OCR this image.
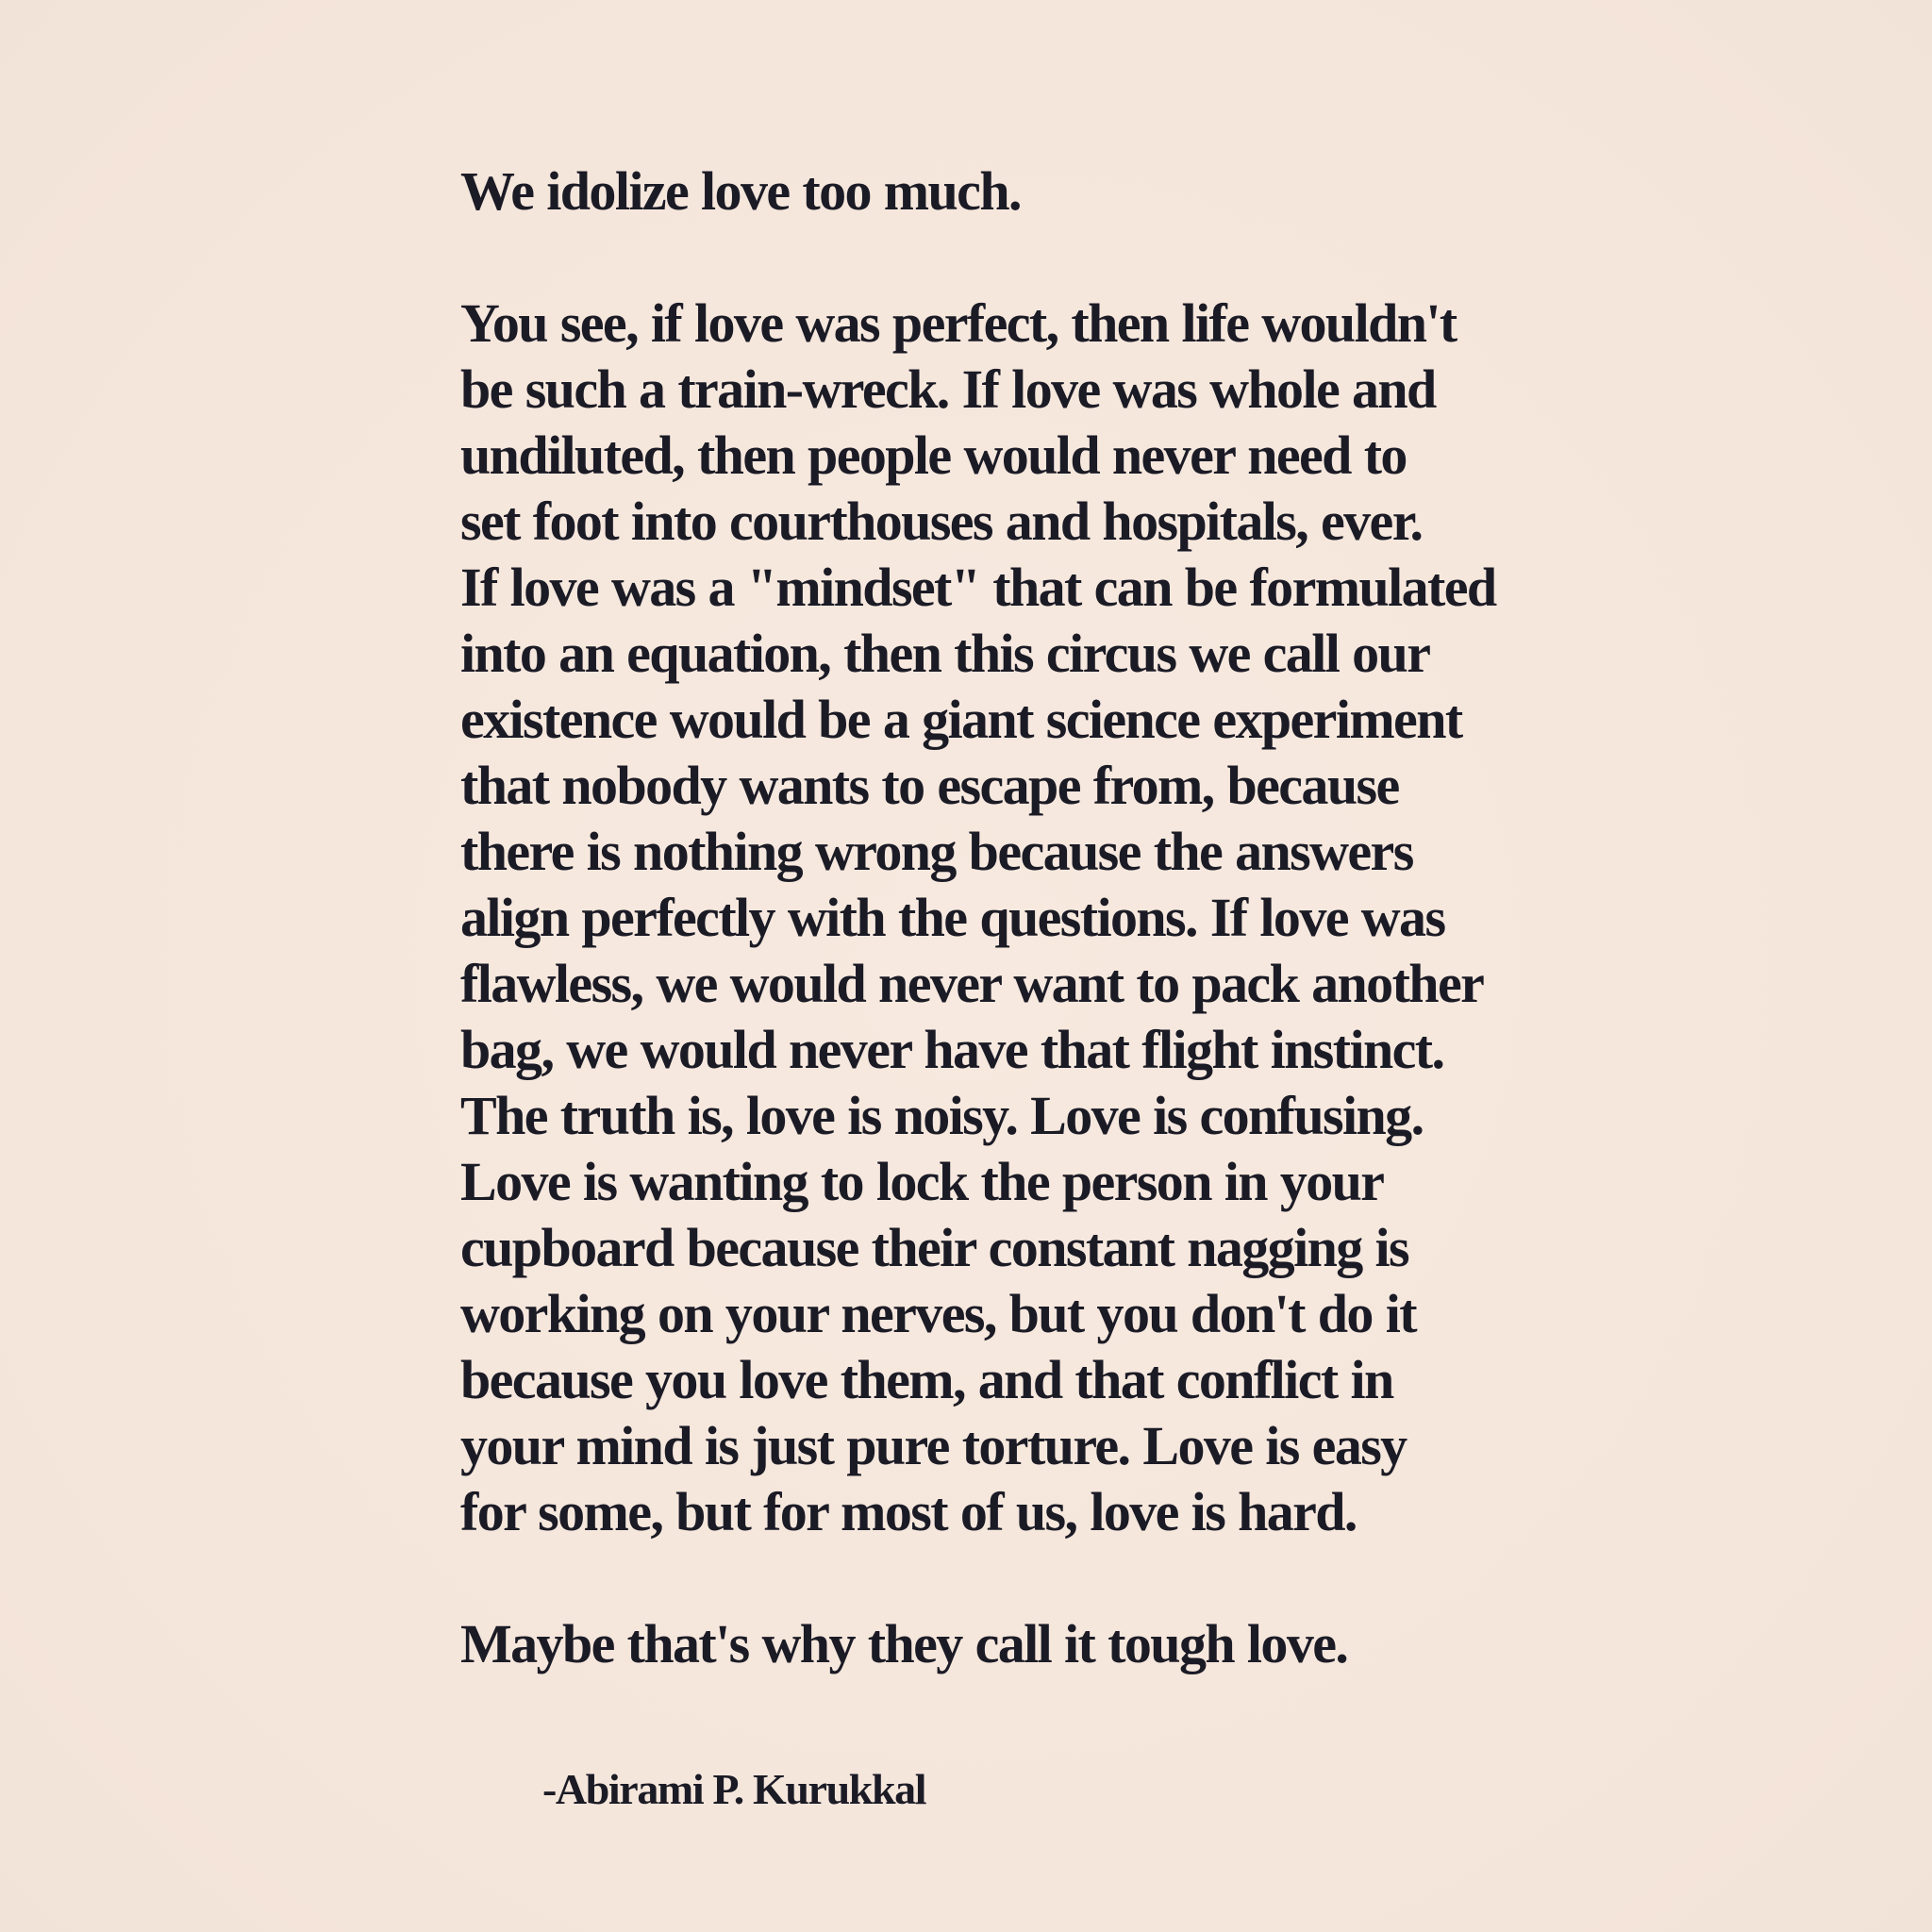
We idolize love too much.
You see, if love was perfect, then life wouldn't
be such a train-wreck. If love was whole and
undiluted, then people would never need to
set foot into courthouses and hospitals, ever.
If love was a "mindset" that can be formulated
into an equation, then this circus we call our
existence would be a giant science experiment
that nobody wants to escape from, because
there is nothing wrong because the answers
align perfectly with the questions. If love was
flawless, we would never want to pack another
bag, we would never have that flight instinct.
The truth is, love is noisy. Love is confusing.
Love is wanting to lock the person in your
cupboard because their constant nagging is
working on your nerves, but you don't do it
because you love them, and that conflict in
your mind is just pure torture. Love is easy
for some, but for most of us, love is hard.
Maybe that's why they call it tough love.
-Abirami P. Kurukkal
